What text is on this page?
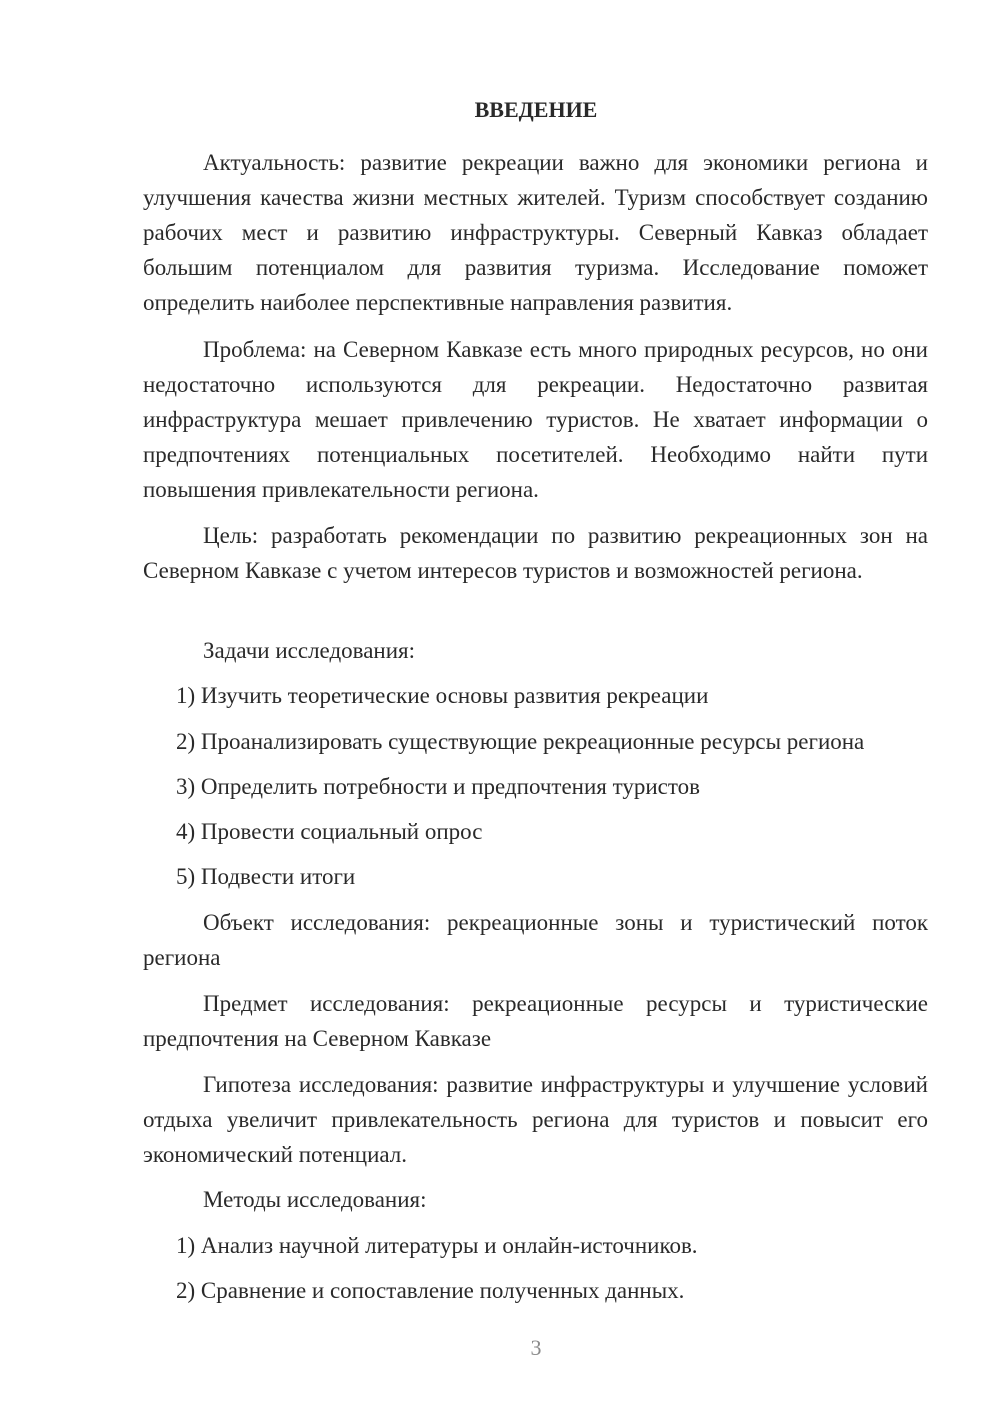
ВВЕДЕНИЕ

Актуальность: развитие рекреации важно для экономики региона и улучшения качества жизни местных жителей. Туризм способствует созданию рабочих мест и развитию инфраструктуры. Северный Кавказ обладает большим потенциалом для развития туризма. Исследование поможет определить наиболее перспективные направления развития.

Проблема: на Северном Кавказе есть много природных ресурсов, но они недостаточно используются для рекреации. Недостаточно развитая инфраструктура мешает привлечению туристов. Не хватает информации о предпочтениях потенциальных посетителей. Необходимо найти пути повышения привлекательности региона.

Цель: разработать рекомендации по развитию рекреационных зон на Северном Кавказе с учетом интересов туристов и возможностей региона.

Задачи исследования:
1) Изучить теоретические основы развития рекреации
2) Проанализировать существующие рекреационные ресурсы региона
3) Определить потребности и предпочтения туристов
4) Провести социальный опрос
5) Подвести итоги

Объект исследования: рекреационные зоны и туристический поток региона

Предмет исследования: рекреационные ресурсы и туристические предпочтения на Северном Кавказе

Гипотеза исследования: развитие инфраструктуры и улучшение условий отдыха увеличит привлекательность региона для туристов и повысит его экономический потенциал.

Методы исследования:
1) Анализ научной литературы и онлайн-источников.
2) Сравнение и сопоставление полученных данных.
3
